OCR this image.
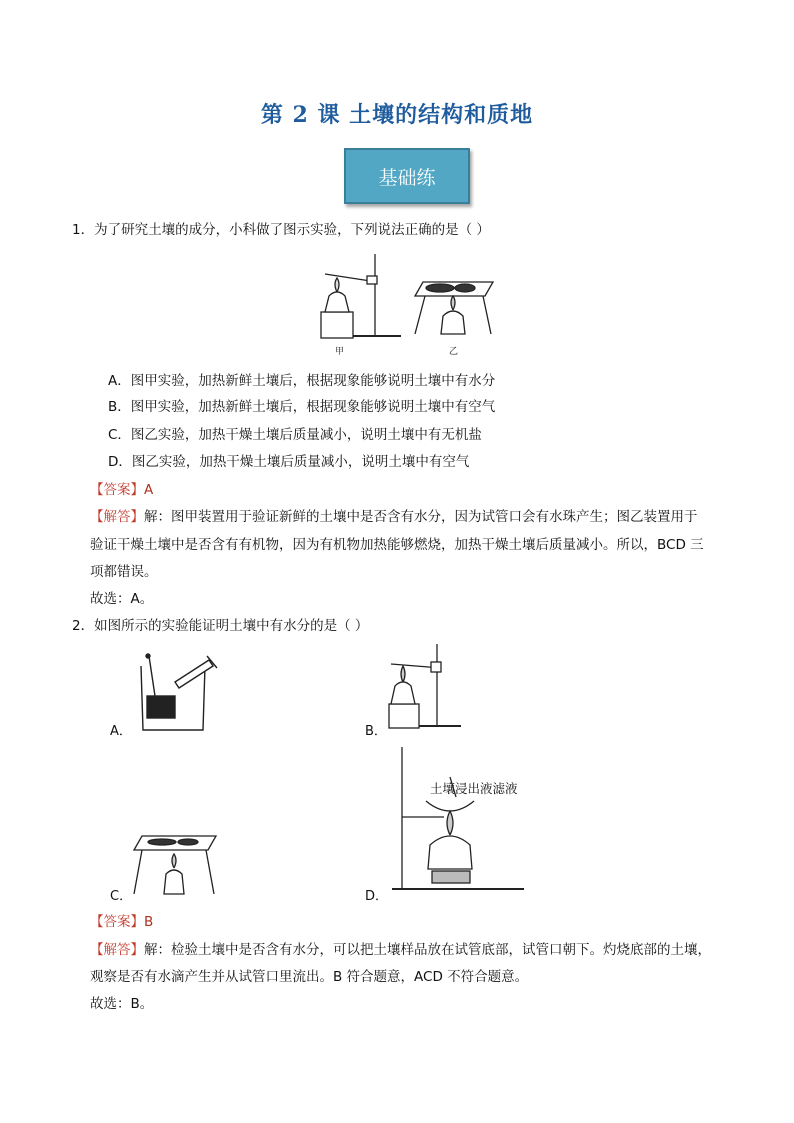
第 2 课 土壤的结构和质地
基础练
1．为了研究土壤的成分，小科做了图示实验，下列说法正确的是（ ）
甲	乙
A．图甲实验，加热新鲜土壤后，根据现象能够说明土壤中有水分
B．图甲实验，加热新鲜土壤后，根据现象能够说明土壤中有空气
C．图乙实验，加热干燥土壤后质量减小，说明土壤中有无机盐
D．图乙实验，加热干燥土壤后质量减小，说明土壤中有空气
【答案】A
【解答】解：图甲装置用于验证新鲜的土壤中是否含有水分，因为试管口会有水珠产生；图乙装置用于
验证干燥土壤中是否含有有机物，因为有机物加热能够燃烧，加热干燥土壤后质量减小。所以，BCD 三
项都错误。
故选：A。
2．如图所示的实验能证明土壤中有水分的是（ ）
A．	B．
C．
土壤浸出液滤液
D．
【答案】B
【解答】解：检验土壤中是否含有水分，可以把土壤样品放在试管底部，试管口朝下。灼烧底部的土壤，
观察是否有水滴产生并从试管口里流出。B 符合题意，ACD 不符合题意。
故选：B。
